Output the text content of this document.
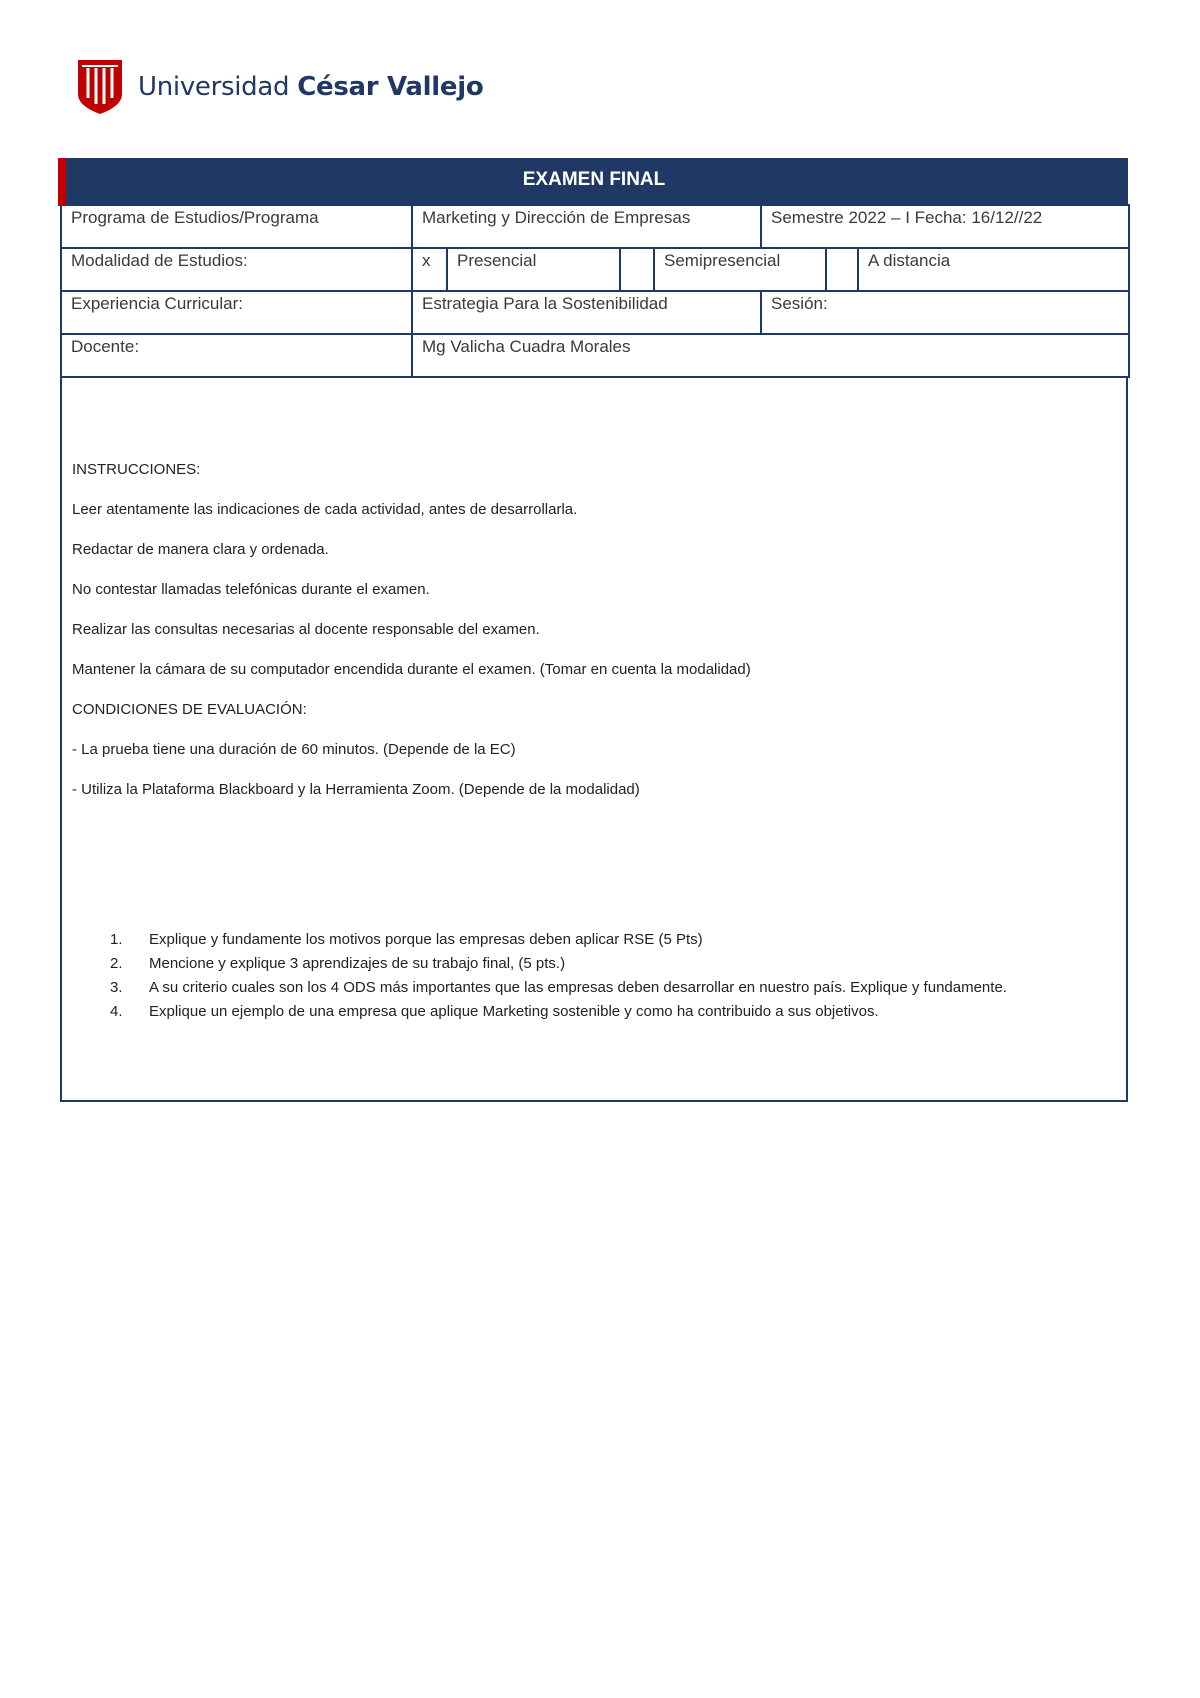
Universidad César Vallejo
EXAMEN FINAL
Programa de Estudios/Programa	Marketing y Dirección de Empresas	Semestre 2022 – I Fecha: 16/12//22
Modalidad de Estudios:		x	Presencial		Semipresencial		A distancia

Experiencia Curricular:	Estrategia Para la Sostenibilidad	Sesión:
Docente:	Mg Valicha Cuadra Morales

INSTRUCCIONES:

Leer atentamente las indicaciones de cada actividad, antes de desarrollarla.

Redactar de manera clara y ordenada.

No contestar llamadas telefónicas durante el examen.

Realizar las consultas necesarias al docente responsable del examen.

Mantener la cámara de su computador encendida durante el examen. (Tomar en cuenta la modalidad)

CONDICIONES DE EVALUACIÓN:

- La prueba tiene una duración de 60 minutos. (Depende de la EC)

- Utiliza la Plataforma Blackboard y la Herramienta Zoom. (Depende de la modalidad)

1.	Explique y fundamente los motivos porque las empresas deben aplicar RSE (5 Pts)
2.	Mencione y explique 3 aprendizajes de su trabajo final, (5 pts.)
3.	A su criterio cuales son los 4 ODS más importantes que las empresas deben desarrollar en nuestro país. Explique y fundamente.
4.	Explique un ejemplo de una empresa que aplique Marketing sostenible y como ha contribuido a sus objetivos.
